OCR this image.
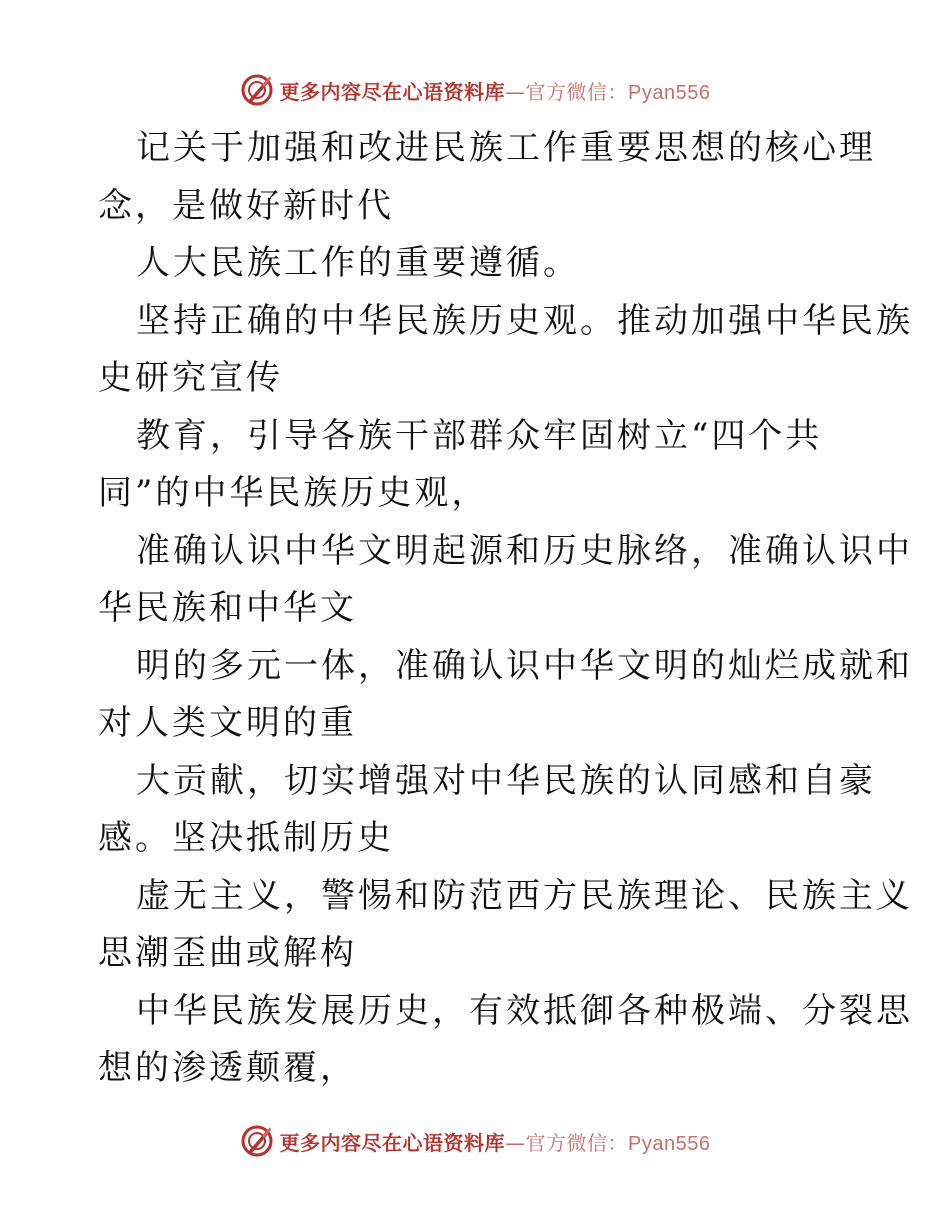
更多内容尽在心语资料库—官方微信：Pyan556
记关于加强和改进民族工作重要思想的核心理
念，是做好新时代
人大民族工作的重要遵循。
坚持正确的中华民族历史观。推动加强中华民族
史研究宣传
教育，引导各族干部群众牢固树立“四个共
同”的中华民族历史观，
准确认识中华文明起源和历史脉络，准确认识中
华民族和中华文
明的多元一体，准确认识中华文明的灿烂成就和
对人类文明的重
大贡献，切实增强对中华民族的认同感和自豪
感。坚决抵制历史
虚无主义，警惕和防范西方民族理论、民族主义
思潮歪曲或解构
中华民族发展历史，有效抵御各种极端、分裂思
想的渗透颠覆，
更多内容尽在心语资料库—官方微信：Pyan556
